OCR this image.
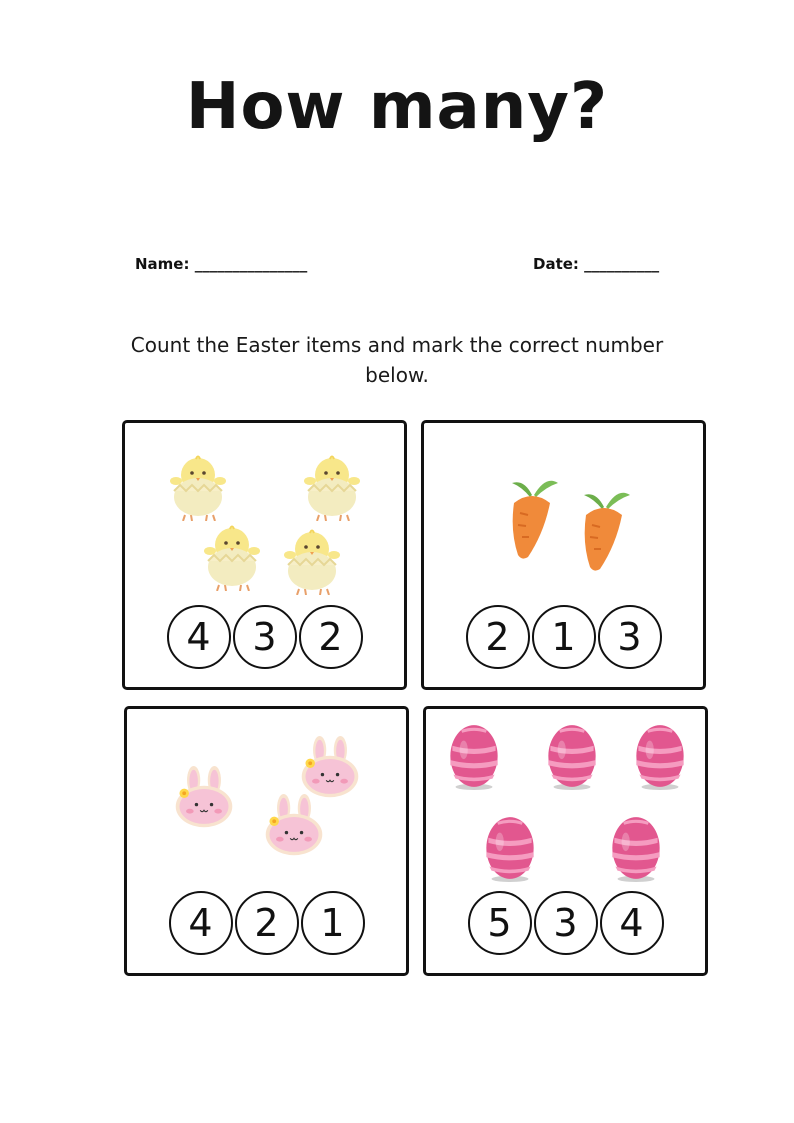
How many?
Name: _______________	Date: __________
Count the Easter items and mark the correct number below.
4	3	2	2	1	3
4	2	1	5	3	4
